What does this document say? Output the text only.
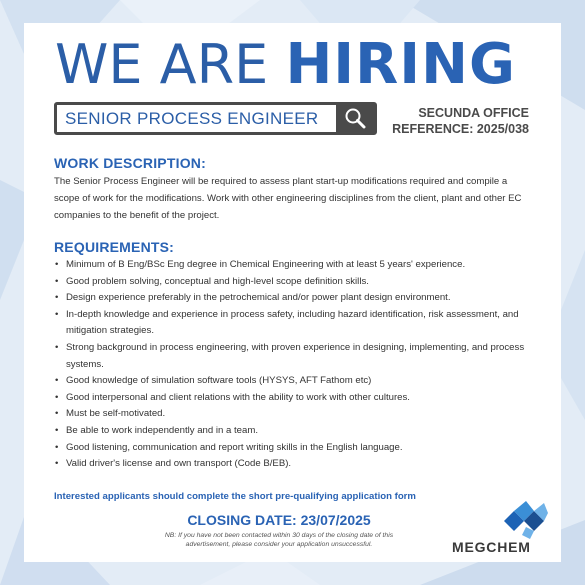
WE ARE HIRING
SENIOR PROCESS ENGINEER	SECUNDA OFFICE
REFERENCE: 2025/038
WORK DESCRIPTION:

The Senior Process Engineer will be required to assess plant start-up modifications required and compile a scope of work for the modifications. Work with other engineering disciplines from the client, plant and other EC companies to the benefit of the project.

REQUIREMENTS:
• Minimum of B Eng/BSc Eng degree in Chemical Engineering with at least 5 years' experience.
• Good problem solving, conceptual and high-level scope definition skills.
• Design experience preferably in the petrochemical and/or power plant design environment.
• In-depth knowledge and experience in process safety, including hazard identification, risk assessment, and mitigation strategies.
• Strong background in process engineering, with proven experience in designing, implementing, and process systems.
• Good knowledge of simulation software tools (HYSYS, AFT Fathom etc)
• Good interpersonal and client relations with the ability to work with other cultures.
• Must be self-motivated.
• Be able to work independently and in a team.
• Good listening, communication and report writing skills in the English language.
• Valid driver's license and own transport (Code B/EB).

Interested applicants should complete the short pre-qualifying application form

CLOSING DATE: 23/07/2025

NB: If you have not been contacted within 30 days of the closing date of this advertisement, please consider your application unsuccessful.	MEGCHEM
